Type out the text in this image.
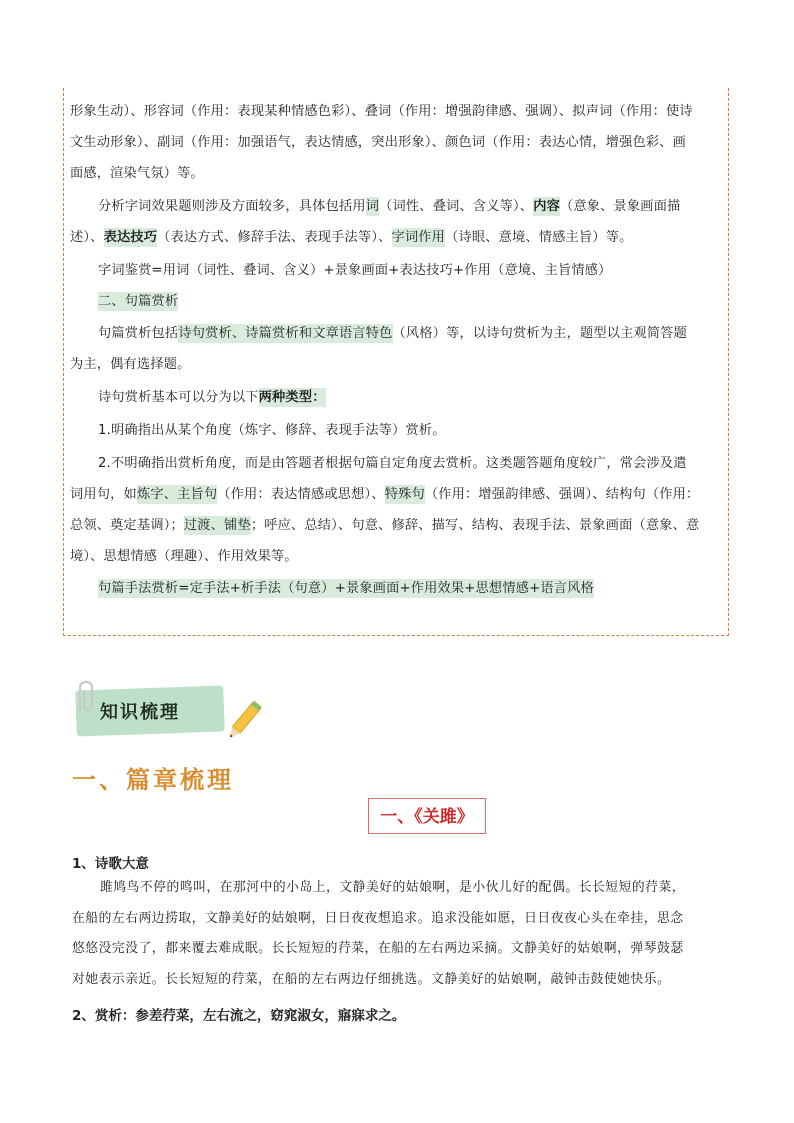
形象生动）、形容词（作用：表现某种情感色彩）、叠词（作用：增强韵律感、强调）、拟声词（作用：使诗
文生动形象）、副词（作用：加强语气，表达情感，突出形象）、颜色词（作用：表达心情，增强色彩、画
面感，渲染气氛）等。
分析字词效果题则涉及方面较多，具体包括用词（词性、叠词、含义等）、内容（意象、景象画面描
述）、表达技巧（表达方式、修辞手法、表现手法等）、字词作用（诗眼、意境、情感主旨）等。
字词鉴赏=用词（词性、叠词、含义）+景象画面+表达技巧+作用（意境、主旨情感）
二、句篇赏析
句篇赏析包括诗句赏析、诗篇赏析和文章语言特色（风格）等，以诗句赏析为主，题型以主观简答题
为主，偶有选择题。
诗句赏析基本可以分为以下两种类型：
1.明确指出从某个角度（炼字、修辞、表现手法等）赏析。
2.不明确指出赏析角度，而是由答题者根据句篇自定角度去赏析。这类题答题角度较广，常会涉及遣
词用句，如炼字、主旨句（作用：表达情感或思想）、特殊句（作用：增强韵律感、强调）、结构句（作用：
总领、奠定基调）；过渡、铺垫；呼应、总结）、句意、修辞、描写、结构、表现手法、景象画面（意象、意
境）、思想情感（理趣）、作用效果等。
句篇手法赏析=定手法+析手法（句意）+景象画面+作用效果+思想情感+语言风格
知识梳理
一、篇章梳理
一、《关雎》
1、诗歌大意
雎鸠鸟不停的鸣叫，在那河中的小岛上，文静美好的姑娘啊，是小伙儿好的配偶。长长短短的荇菜，
在船的左右两边捞取，文静美好的姑娘啊，日日夜夜想追求。追求没能如愿，日日夜夜心头在牵挂，思念
悠悠没完没了，都来覆去难成眠。长长短短的荇菜，在船的左右两边采摘。文静美好的姑娘啊，弹琴鼓瑟
对她表示亲近。长长短短的荇菜，在船的左右两边仔细挑选。文静美好的姑娘啊，敲钟击鼓使她快乐。
2、赏析：参差荇菜，左右流之，窈窕淑女，寤寐求之。
